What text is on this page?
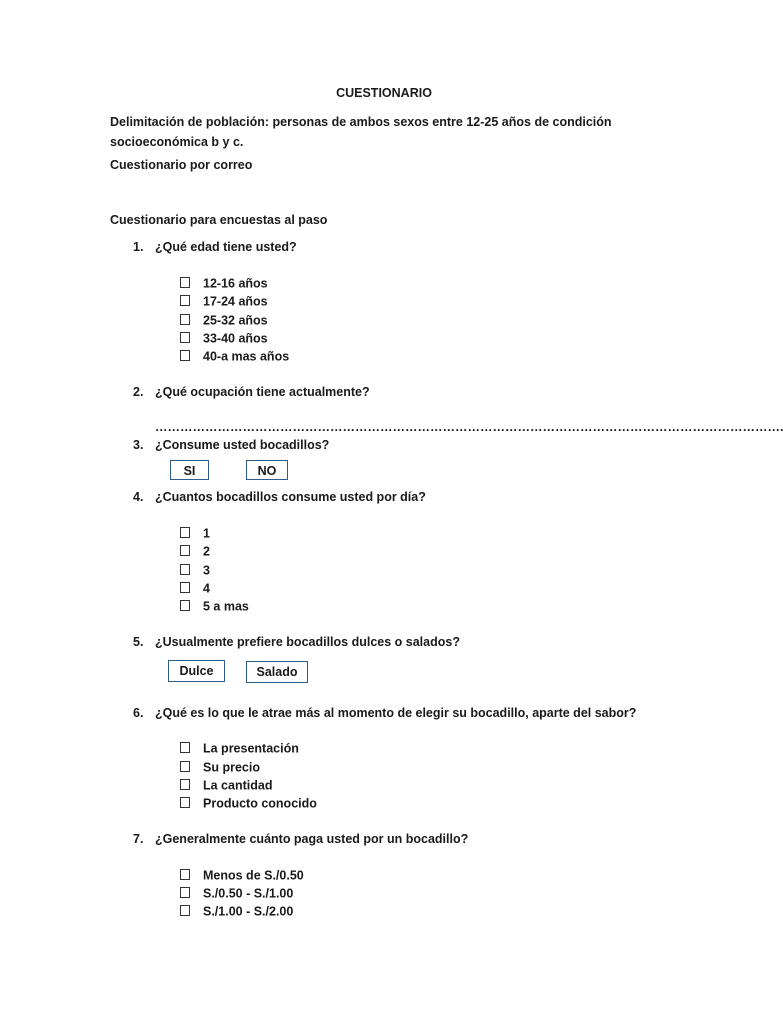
CUESTIONARIO
Delimitación de población: personas de ambos sexos entre 12-25 años de condición socioeconómica b y c.
Cuestionario por correo
Cuestionario para encuestas al paso
1. ¿Qué edad tiene usted?
12-16 años
17-24 años
25-32 años
33-40 años
40-a mas años
2. ¿Qué ocupación tiene actualmente?
…………………………………………………………………………………………………………………………………….
3. ¿Consume usted bocadillos?
SI	NO
4. ¿Cuantos bocadillos consume usted por día?
1
2
3
4
5 a mas
5. ¿Usualmente prefiere bocadillos dulces o salados?
Dulce	Salado
6. ¿Qué es lo que le atrae más al momento de elegir su bocadillo, aparte del sabor?
La presentación
Su precio
La cantidad
Producto conocido
7. ¿Generalmente cuánto paga usted por un bocadillo?
Menos de S./0.50
S./0.50 - S./1.00
S./1.00 - S./2.00
